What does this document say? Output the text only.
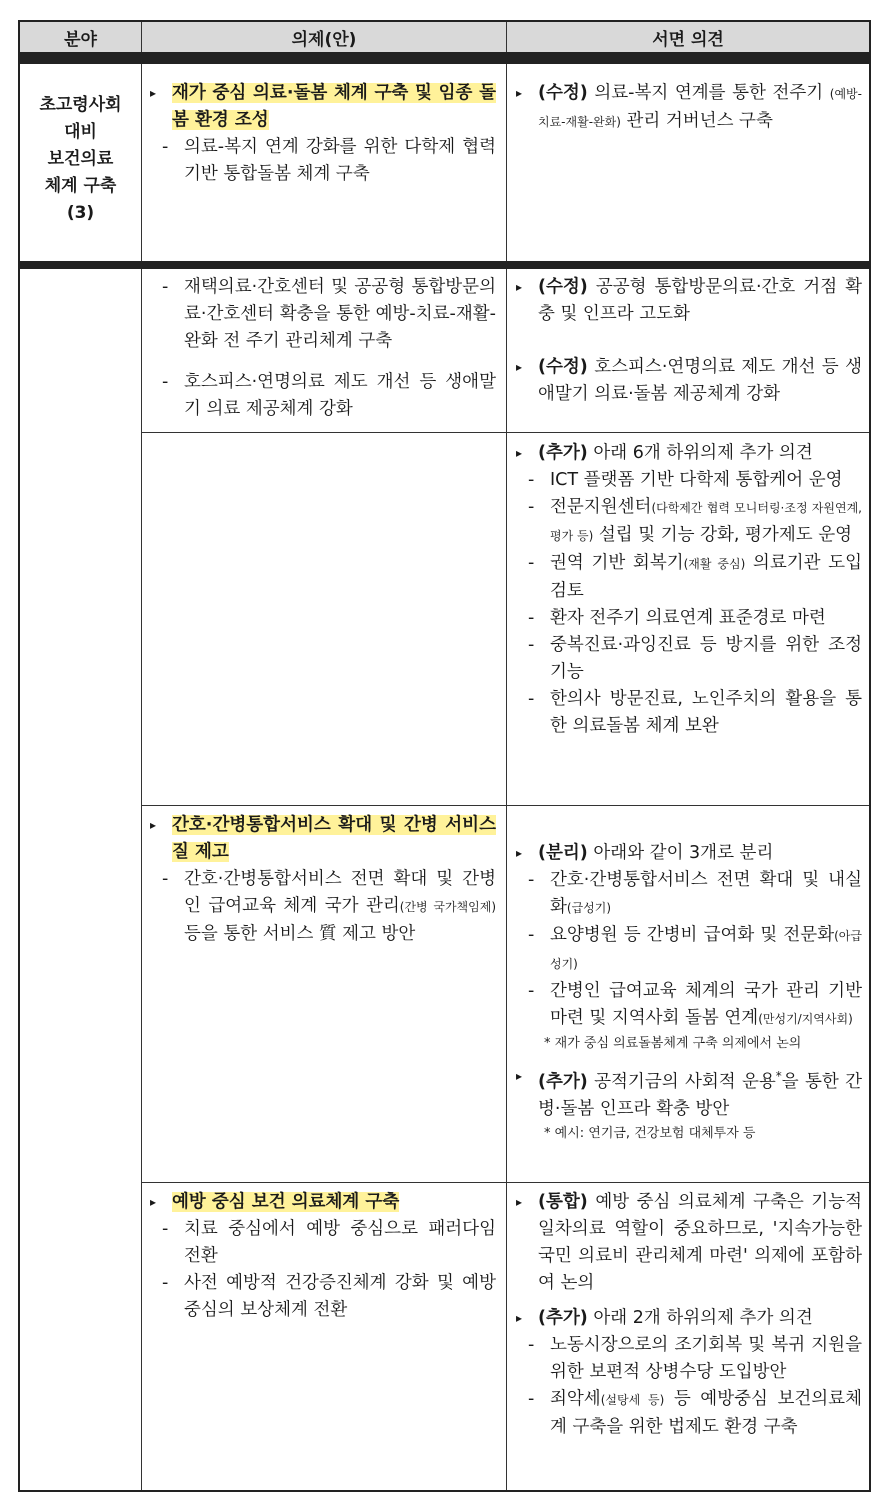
분야	의제(안)	서면 의견
초고령사회
대비
보건의료
체계 구축
(3)
▸ 재가 중심 의료·돌봄 체계 구축 및 임종 돌봄 환경 조성
- 의료-복지 연계 강화를 위한 다학제 협력 기반 통합돌봄 체계 구축
▸ (수정) 의료-복지 연계를 통한 전주기 (예방-치료-재활-완화) 관리 거버넌스 구축
- 재택의료·간호센터 및 공공형 통합방문의료·간호센터 확충을 통한 예방-치료-재활-완화 전 주기 관리체계 구축
- 호스피스·연명의료 제도 개선 등 생애말기 의료 제공체계 강화
▸ (수정) 공공형 통합방문의료·간호 거점 확충 및 인프라 고도화
▸ (수정) 호스피스·연명의료 제도 개선 등 생애말기 의료·돌봄 제공체계 강화
▸ (추가) 아래 6개 하위의제 추가 의견
- ICT 플랫폼 기반 다학제 통합케어 운영
- 전문지원센터(다학제간 협력 모니터링·조정 자원연계, 평가 등) 설립 및 기능 강화, 평가제도 운영
- 권역 기반 회복기(재활 중심) 의료기관 도입 검토
- 환자 전주기 의료연계 표준경로 마련
- 중복진료·과잉진료 등 방지를 위한 조정 기능
- 한의사 방문진료, 노인주치의 활용을 통한 의료돌봄 체계 보완
▸ 간호·간병통합서비스 확대 및 간병 서비스 질 제고
- 간호·간병통합서비스 전면 확대 및 간병인 급여교육 체계 국가 관리(간병 국가책임제) 등을 통한 서비스 質 제고 방안
▸ (분리) 아래와 같이 3개로 분리
- 간호·간병통합서비스 전면 확대 및 내실화(급성기)
- 요양병원 등 간병비 급여화 및 전문화(아급성기)
- 간병인 급여교육 체계의 국가 관리 기반 마련 및 지역사회 돌봄 연계(만성기/지역사회)
* 재가 중심 의료돌봄체계 구축 의제에서 논의
▸ (추가) 공적기금의 사회적 운용*을 통한 간병·돌봄 인프라 확충 방안
* 예시: 연기금, 건강보험 대체투자 등
▸ 예방 중심 보건 의료체계 구축
- 치료 중심에서 예방 중심으로 패러다임 전환
- 사전 예방적 건강증진체계 강화 및 예방 중심의 보상체계 전환
▸ (통합) 예방 중심 의료체계 구축은 기능적 일차의료 역할이 중요하므로, '지속가능한 국민 의료비 관리체계 마련' 의제에 포함하여 논의
▸ (추가) 아래 2개 하위의제 추가 의견
- 노동시장으로의 조기회복 및 복귀 지원을 위한 보편적 상병수당 도입방안
- 죄악세(설탕세 등) 등 예방중심 보건의료체계 구축을 위한 법제도 환경 구축
